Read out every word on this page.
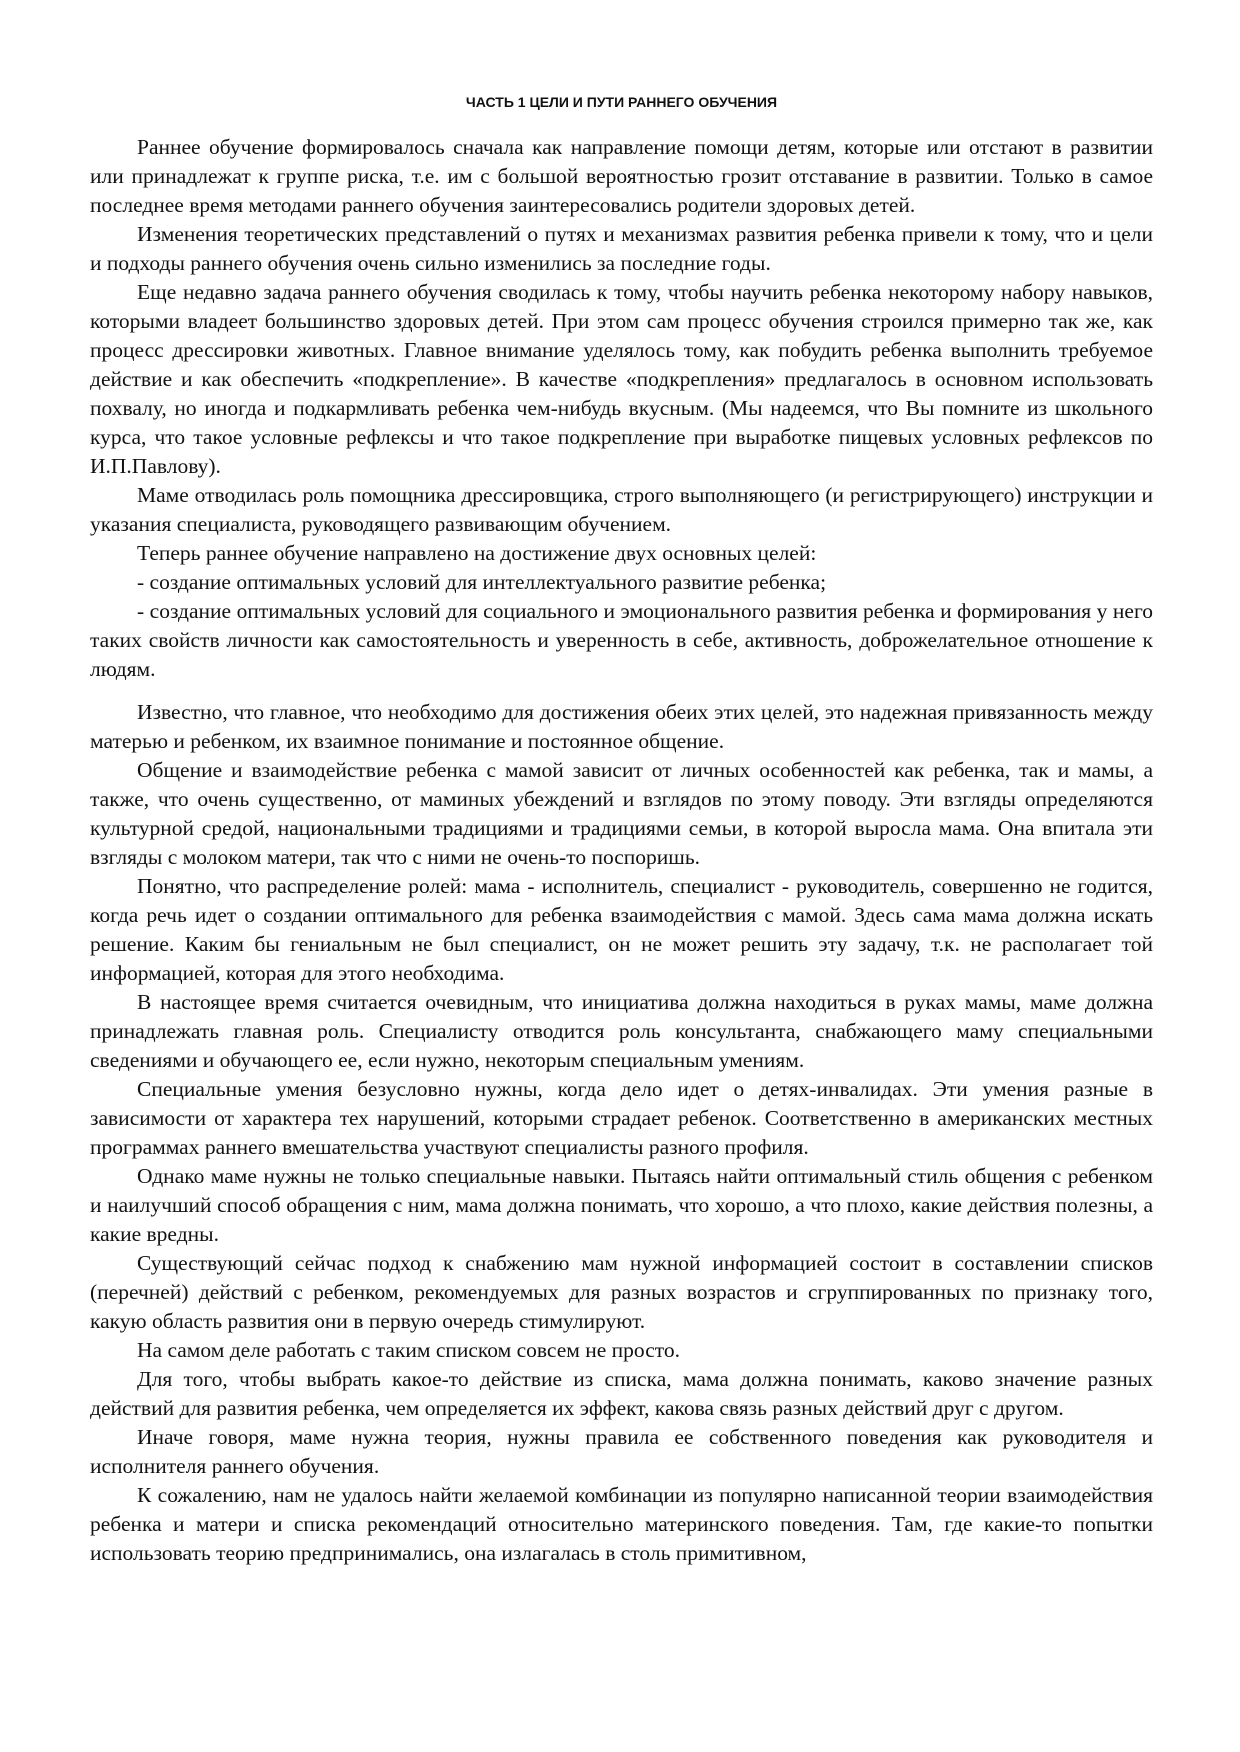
ЧАСТЬ 1 ЦЕЛИ И ПУТИ РАННЕГО ОБУЧЕНИЯ

Раннее обучение формировалось сначала как направление помощи детям, которые или отстают в развитии или принадлежат к группе риска, т.е. им с большой вероятностью грозит отставание в развитии. Только в самое последнее время методами раннего обучения заинтересовались родители здоровых детей.

Изменения теоретических представлений о путях и механизмах развития ребенка привели к тому, что и цели и подходы раннего обучения очень сильно изменились за последние годы.

Еще недавно задача раннего обучения сводилась к тому, чтобы научить ребенка некоторому набору навыков, которыми владеет большинство здоровых детей. При этом сам процесс обучения строился примерно так же, как процесс дрессировки животных. Главное внимание уделялось тому, как побудить ребенка выполнить требуемое действие и как обеспечить «подкрепление». В качестве «подкрепления» предлагалось в основном использовать похвалу, но иногда и подкармливать ребенка чем-нибудь вкусным. (Мы надеемся, что Вы помните из школьного курса, что такое условные рефлексы и что такое подкрепление при выработке пищевых условных рефлексов по И.П.Павлову).

Маме отводилась роль помощника дрессировщика, строго выполняющего (и регистрирующего) инструкции и указания специалиста, руководящего развивающим обучением.

Теперь раннее обучение направлено на достижение двух основных целей:

- создание оптимальных условий для интеллектуального развитие ребенка;

- создание оптимальных условий для социального и эмоционального развития ребенка и формирования у него таких свойств личности как самостоятельность и уверенность в себе, активность, доброжелательное отношение к людям.

Известно, что главное, что необходимо для достижения обеих этих целей, это надежная привязанность между матерью и ребенком, их взаимное понимание и постоянное общение.

Общение и взаимодействие ребенка с мамой зависит от личных особенностей как ребенка, так и мамы, а также, что очень существенно, от маминых убеждений и взглядов по этому поводу. Эти взгляды определяются культурной средой, национальными традициями и традициями семьи, в которой выросла мама. Она впитала эти взгляды с молоком матери, так что с ними не очень-то поспоришь.

Понятно, что распределение ролей: мама - исполнитель, специалист - руководитель, совершенно не годится, когда речь идет о создании оптимального для ребенка взаимодействия с мамой. Здесь сама мама должна искать решение. Каким бы гениальным не был специалист, он не может решить эту задачу, т.к. не располагает той информацией, которая для этого необходима.

В настоящее время считается очевидным, что инициатива должна находиться в руках мамы, маме должна принадлежать главная роль. Специалисту отводится роль консультанта, снабжающего маму специальными сведениями и обучающего ее, если нужно, некоторым специальным умениям.

Специальные умения безусловно нужны, когда дело идет о детях-инвалидах. Эти умения разные в зависимости от характера тех нарушений, которыми страдает ребенок. Соответственно в американских местных программах раннего вмешательства участвуют специалисты разного профиля.

Однако маме нужны не только специальные навыки. Пытаясь найти оптимальный стиль общения с ребенком и наилучший способ обращения с ним, мама должна понимать, что хорошо, а что плохо, какие действия полезны, а какие вредны.

Существующий сейчас подход к снабжению мам нужной информацией состоит в составлении списков (перечней) действий с ребенком, рекомендуемых для разных возрастов и сгруппированных по признаку того, какую область развития они в первую очередь стимулируют.

На самом деле работать с таким списком совсем не просто.

Для того, чтобы выбрать какое-то действие из списка, мама должна понимать, каково значение разных действий для развития ребенка, чем определяется их эффект, какова связь разных действий друг с другом.

Иначе говоря, маме нужна теория, нужны правила ее собственного поведения как руководителя и исполнителя раннего обучения.

К сожалению, нам не удалось найти желаемой комбинации из популярно написанной теории взаимодействия ребенка и матери и списка рекомендаций относительно материнского поведения. Там, где какие-то попытки использовать теорию предпринимались, она излагалась в столь примитивном,
